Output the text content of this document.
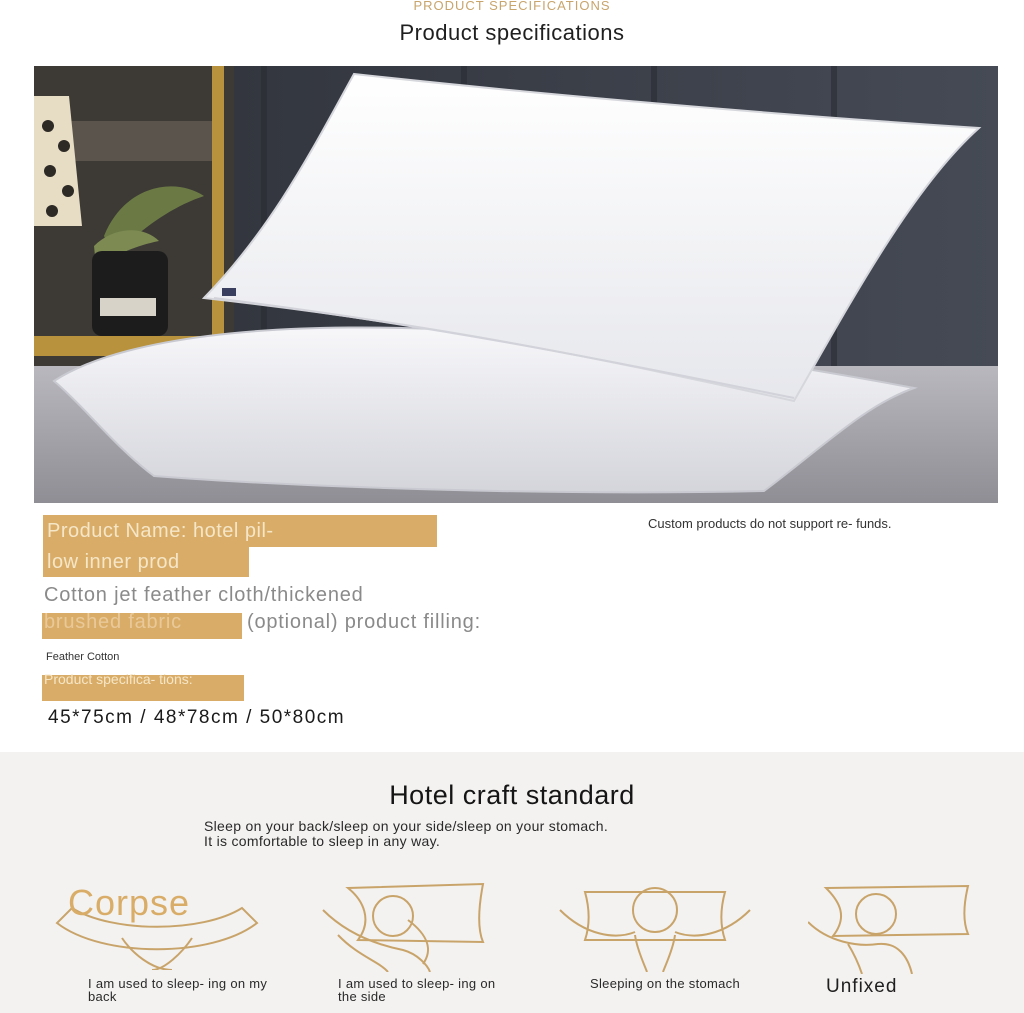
PRODUCT SPECIFICATIONS
Product specifications
Product Name: hotel pil-
low inner prod
Cotton jet feather cloth/thickened
brushed fabric	(optional) product filling:
Feather Cotton
Product specifica- tions:
45*75cm / 48*78cm / 50*80cm
Custom products do not support re- funds.
Hotel craft standard
Sleep on your back/sleep on your side/sleep on your stomach.
It is comfortable to sleep in any way.
Corpse
I am used to sleep- ing on my back
I am used to sleep- ing on the side
Sleeping on the stomach	Unfixed
